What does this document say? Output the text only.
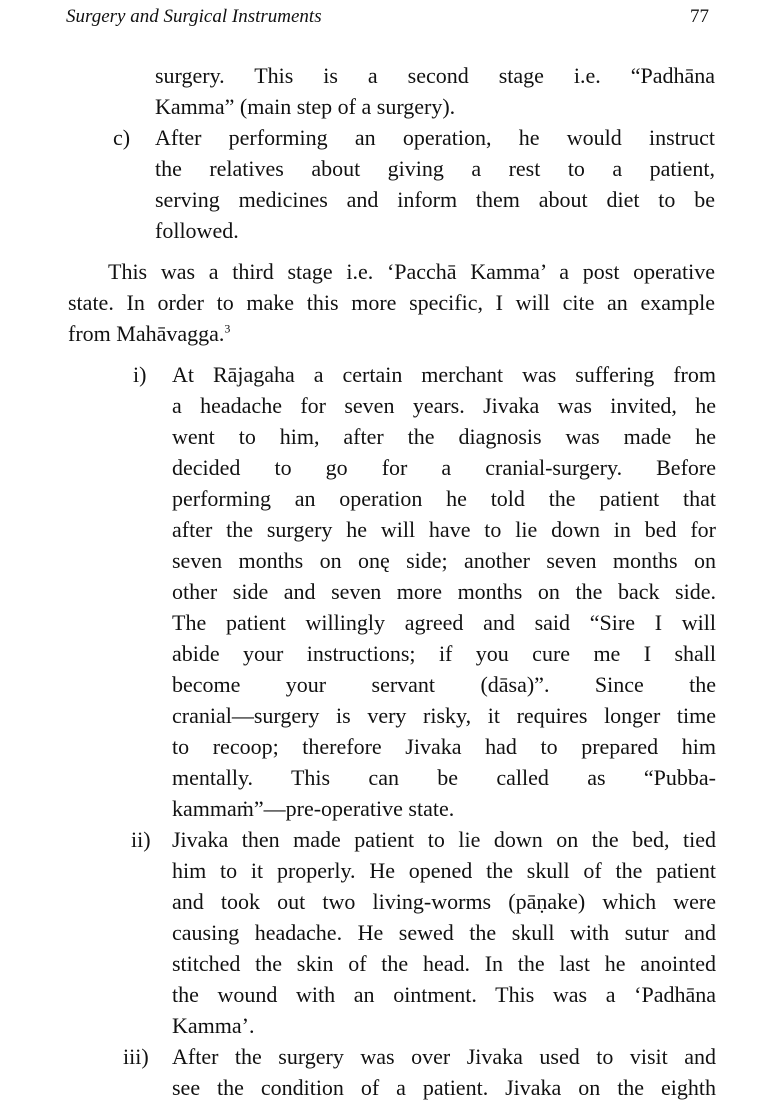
Surgery and Surgical Instruments	77
surgery. This is a second stage i.e. “Padhāna
Kamma” (main step of a surgery).
c) After performing an operation, he would instruct
the relatives about giving a rest to a patient,
serving medicines and inform them about diet to be
followed.
This was a third stage i.e. ‘Pacchā Kamma’ a post operative
state. In order to make this more specific, I will cite an example
from Mahāvagga.$^3$
i) At Rājagaha a certain merchant was suffering from
a headache for seven years. Jivaka was invited, he
went to him, after the diagnosis was made he
decided to go for a cranial-surgery. Before
performing an operation he told the patient that
after the surgery he will have to lie down in bed for
seven months on onę side; another seven months on
other side and seven more months on the back side.
The patient willingly agreed and said “Sire I will
abide your instructions; if you cure me I shall
become your servant (dāsa)”. Since the
cranial—surgery is very risky, it requires longer time
to recoop; therefore Jivaka had to prepared him
mentally. This can be called as “Pubba-
kammaṁ”—pre-operative state.
ii) Jivaka then made patient to lie down on the bed, tied
him to it properly. He opened the skull of the patient
and took out two living-worms (pāṇake) which were
causing headache. He sewed the skull with sutur and
stitched the skin of the head. In the last he anointed
the wound with an ointment. This was a ‘Padhāna
Kamma’.
iii) After the surgery was over Jivaka used to visit and
see the condition of a patient. Jivaka on the eighth
